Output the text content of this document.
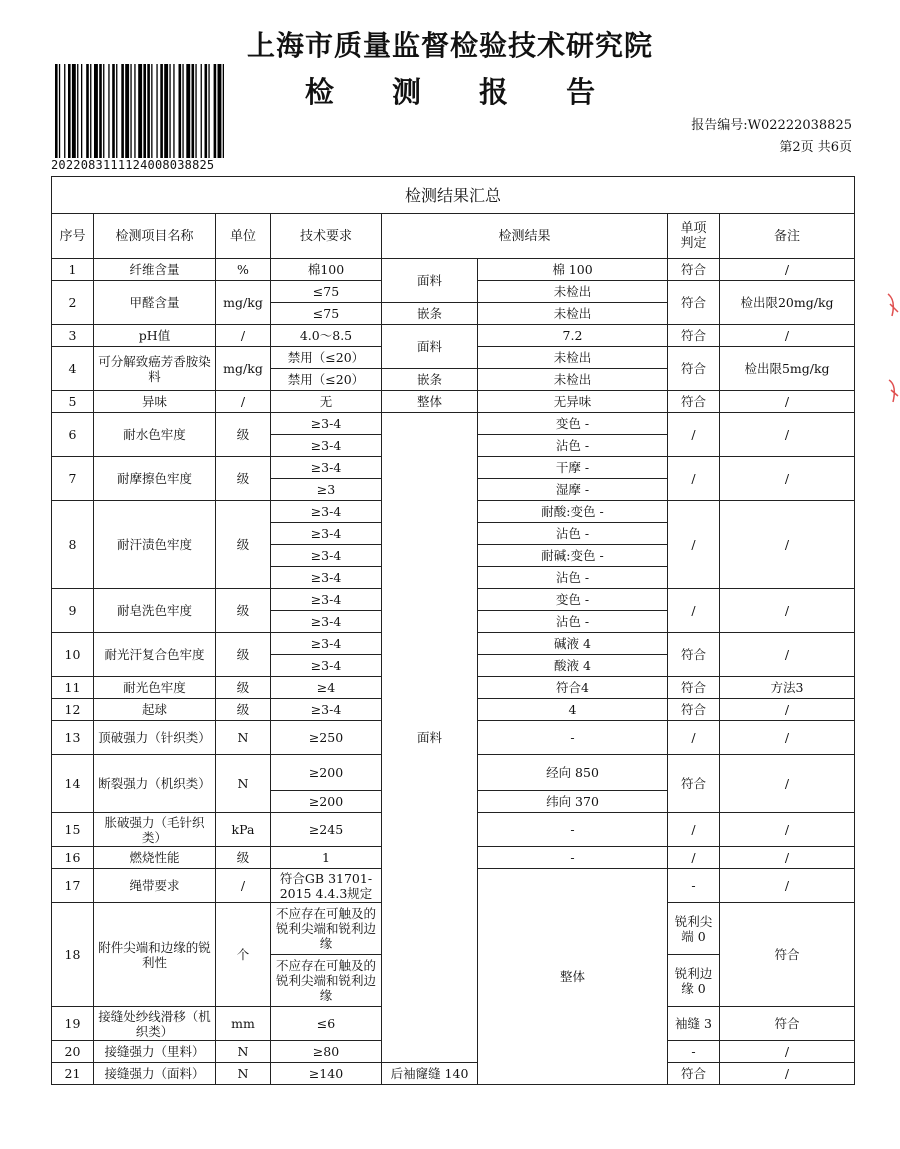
上海市质量监督检验技术研究院
检 测 报 告
2022083111124008038825
报告编号:W02222038825
第2页 共6页
检测结果汇总								
序号	检测项目名称	单位	技术要求	检测结果		单项判定	备注	
1	纤维含量	%	棉100	面料	棉 100	符合	/	
2	甲醛含量	mg/kg	≤75		未检出	符合	检出限20mg/kg	
			≤75	嵌条	未检出			
3	pH值	/	4.0～8.5	面料	7.2	符合	/	
4	可分解致癌芳香胺染料	mg/kg	禁用（≤20）		未检出	符合	检出限5mg/kg	
			禁用（≤20）	嵌条	未检出			
5	异味	/	无	整体	无异味	符合	/	
6	耐水色牢度	级	≥3-4	面料	变色 -	/	/	
			≥3-4		沾色 -			
7	耐摩擦色牢度	级	≥3-4		干摩 -	/	/	
			≥3		湿摩 -			
8	耐汗渍色牢度	级	≥3-4		耐酸:变色 -	/	/	
			≥3-4		沾色 -			
			≥3-4		耐碱:变色 -			
			≥3-4		沾色 -			
9	耐皂洗色牢度	级	≥3-4		变色 -	/	/	
			≥3-4		沾色 -			
10	耐光汗复合色牢度	级	≥3-4		碱液 4	符合	/	
			≥3-4		酸液 4			
11	耐光色牢度	级	≥4		符合4	符合	方法3	
12	起球	级	≥3-4		4	符合	/	
13	顶破强力（针织类）	N	≥250		-	/	/	
14	断裂强力（机织类）	N	≥200		经向 850	符合	/	
			≥200		纬向 370			
15	胀破强力（毛针织类）	kPa	≥245		-	/	/	
16	燃烧性能	级	1		-	/	/	
17	绳带要求	/	符合GB 31701-2015 4.4.3规定		整体	-	/	
18	附件尖端和边缘的锐利性	个	不应存在可触及的锐利尖端和锐利边缘			锐利尖端 0	符合	
			不应存在可触及的锐利尖端和锐利边缘			锐利边缘 0		
19	接缝处纱线滑移（机织类）	mm	≤6			袖缝 3	符合	
20	接缝强力（里料）	N	≥80			-	/	
21	接缝强力（面料）	N	≥140	后袖窿缝 140		符合	/	
